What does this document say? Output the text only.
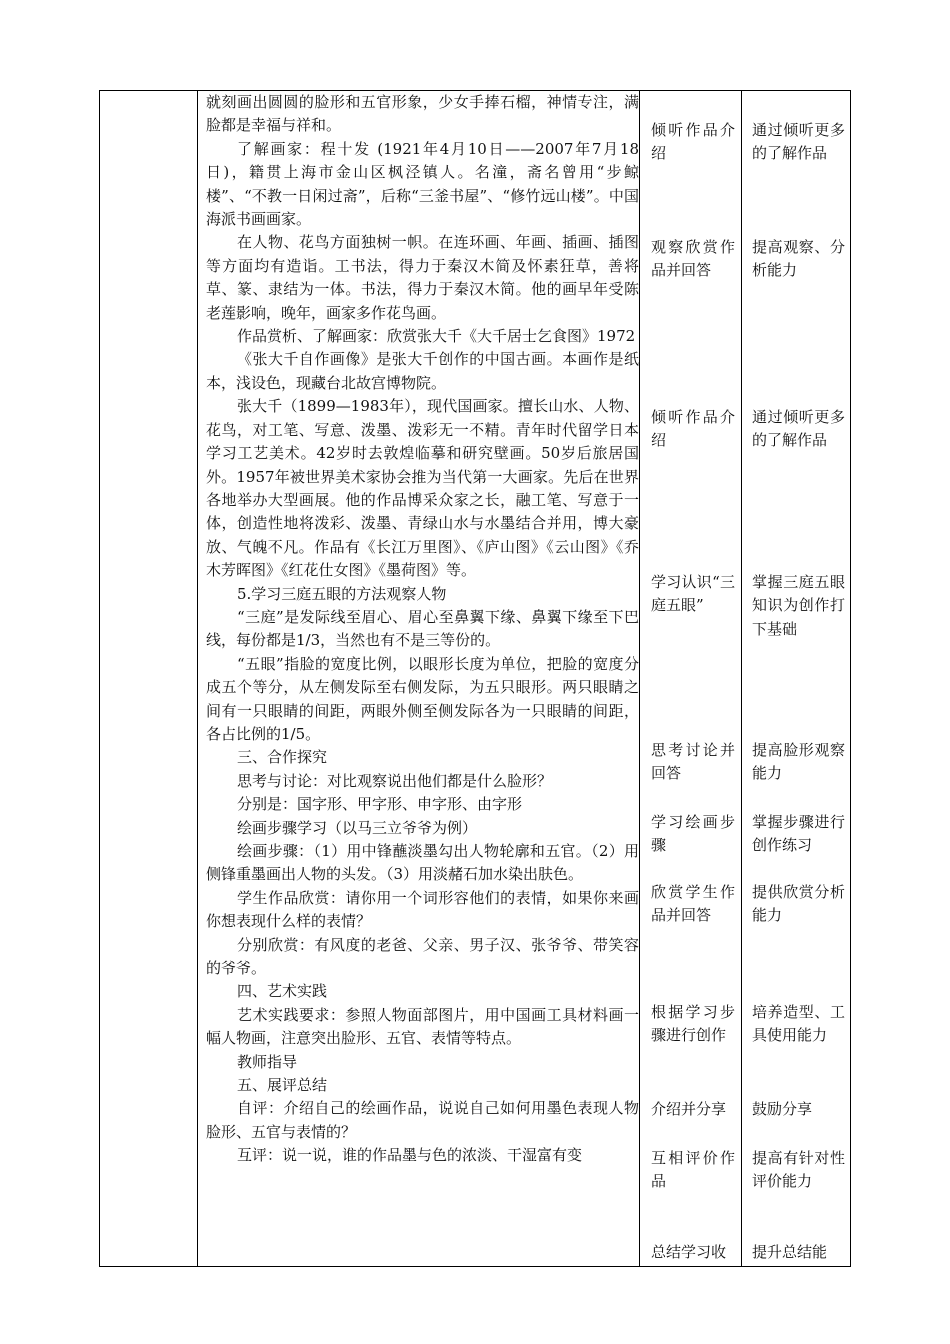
就刻画出圆圆的脸形和五官形象，少女手捧石榴，神情专注，满脸都是幸福与祥和。

了解画家：程十发 (1921年4月10日——2007年7月18日)，籍贯上海市金山区枫泾镇人。名潼，斋名曾用“步鲸楼”、“不教一日闲过斋”，后称“三釜书屋”、“修竹远山楼”。中国海派书画画家。

在人物、花鸟方面独树一帜。在连环画、年画、插画、插图等方面均有造诣。工书法，得力于秦汉木简及怀素狂草，善将草、篆、隶结为一体。书法，得力于秦汉木简。他的画早年受陈老莲影响，晚年，画家多作花鸟画。

作品赏析、了解画家：欣赏张大千《大千居士乞食图》1972

《张大千自作画像》是张大千创作的中国古画。本画作是纸本，浅设色，现藏台北故宫博物院。

张大千（1899—1983年），现代国画家。擅长山水、人物、花鸟，对工笔、写意、泼墨、泼彩无一不精。青年时代留学日本学习工艺美术。42岁时去敦煌临摹和研究壁画。50岁后旅居国外。1957年被世界美术家协会推为当代第一大画家。先后在世界各地举办大型画展。他的作品博采众家之长，融工笔、写意于一体，创造性地将泼彩、泼墨、青绿山水与水墨结合并用，博大豪放、气魄不凡。作品有《长江万里图》、《庐山图》《云山图》《乔木芳晖图》《红花仕女图》《墨荷图》等。

5.学习三庭五眼的方法观察人物

“三庭”是发际线至眉心、眉心至鼻翼下缘、鼻翼下缘至下巴线，每份都是1/3，当然也有不是三等份的。

“五眼”指脸的宽度比例，以眼形长度为单位，把脸的宽度分成五个等分，从左侧发际至右侧发际，为五只眼形。两只眼睛之间有一只眼睛的间距，两眼外侧至侧发际各为一只眼睛的间距，各占比例的1/5。

三、合作探究

思考与讨论：对比观察说出他们都是什么脸形？

分别是：国字形、甲字形、申字形、由字形

绘画步骤学习（以马三立爷爷为例）

绘画步骤：（1）用中锋蘸淡墨勾出人物轮廓和五官。（2）用侧锋重墨画出人物的头发。（3）用淡赭石加水染出肤色。

学生作品欣赏：请你用一个词形容他们的表情，如果你来画你想表现什么样的表情？

分别欣赏：有风度的老爸、父亲、男子汉、张爷爷、带笑容的爷爷。

四、艺术实践

艺术实践要求：参照人物面部图片，用中国画工具材料画一幅人物画，注意突出脸形、五官、表情等特点。

教师指导

五、展评总结

自评：介绍自己的绘画作品，说说自己如何用墨色表现人物脸形、五官与表情的？

互评：说一说，谁的作品墨与色的浓淡、干湿富有变

倾听作品介绍
观察欣赏作品并回答
倾听作品介绍
学习认识“三庭五眼”
思考讨论并回答
学习绘画步骤
欣赏学生作品并回答
根据学习步骤进行创作
介绍并分享
互相评价作品
总结学习收
通过倾听更多的了解作品
提高观察、分析能力
通过倾听更多的了解作品
掌握三庭五眼知识为创作打下基础
提高脸形观察能力
掌握步骤进行创作练习
提供欣赏分析能力
培养造型、工具使用能力
鼓励分享
提高有针对性评价能力
提升总结能
